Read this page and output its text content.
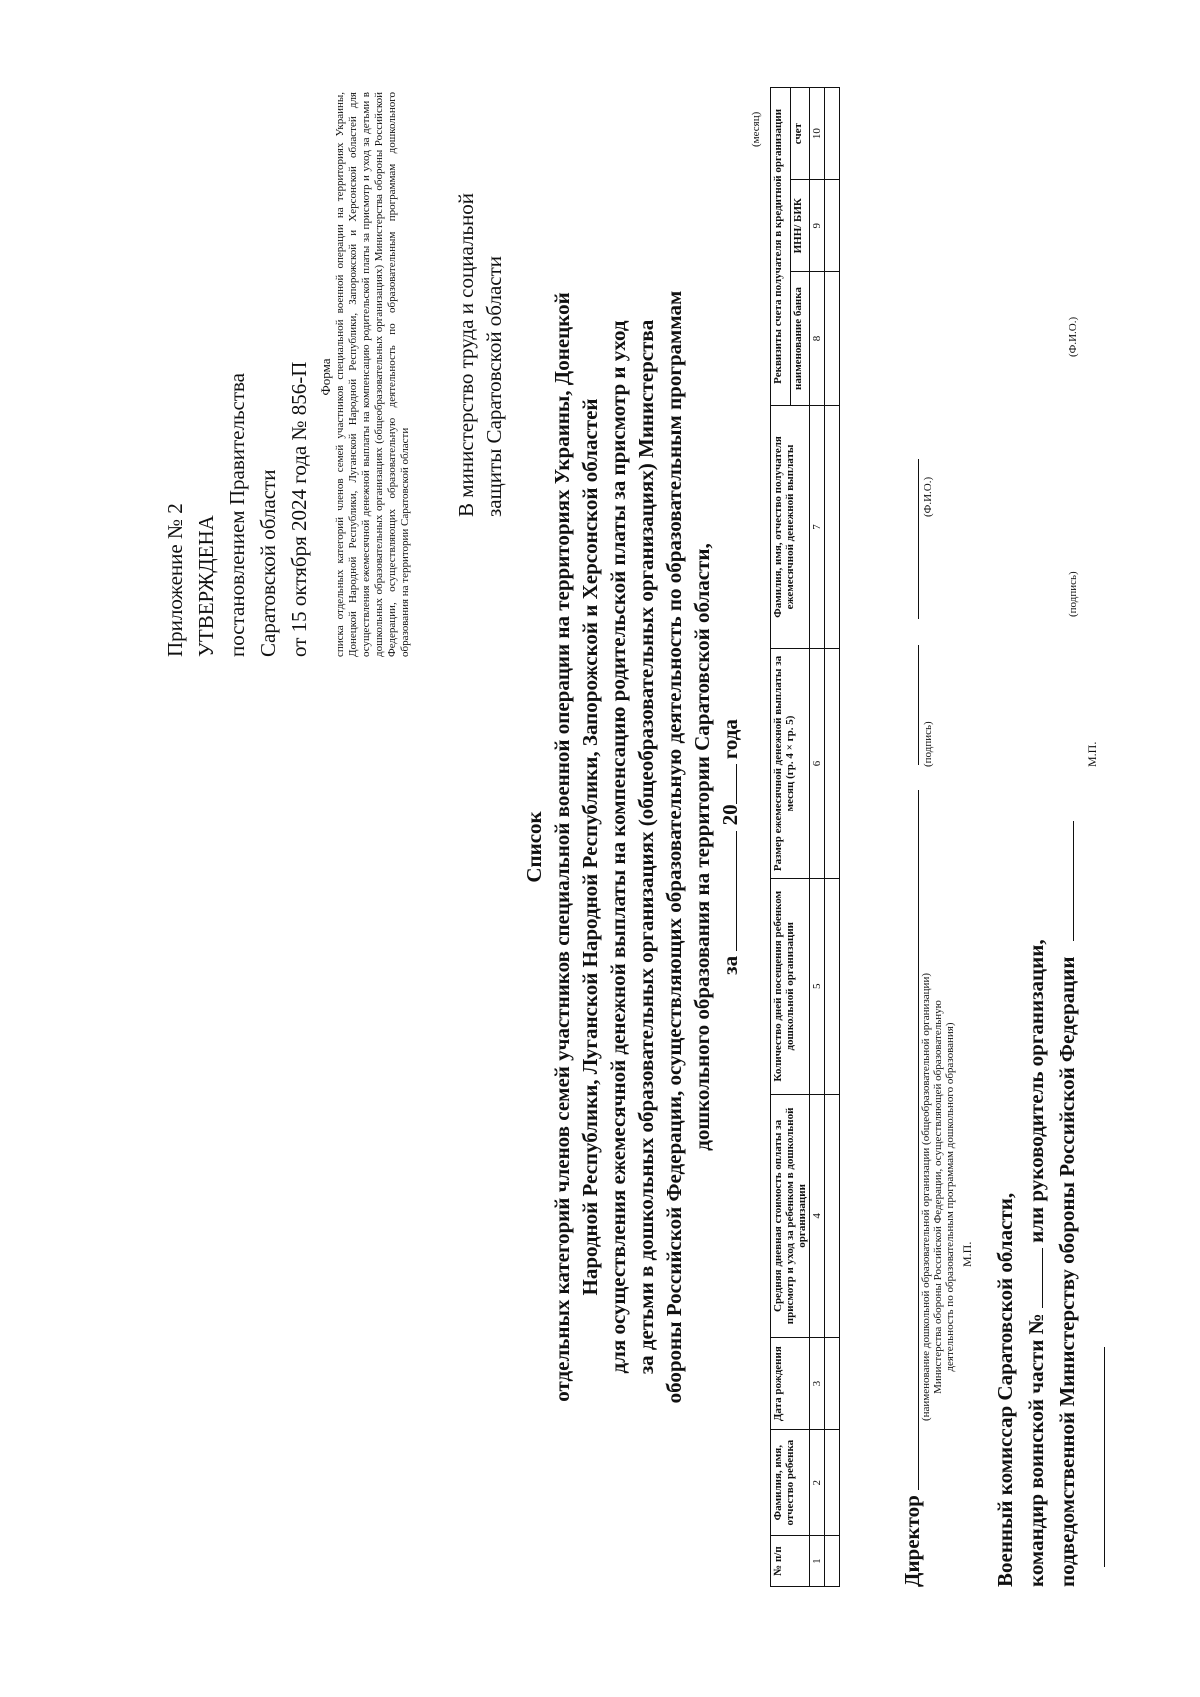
Приложение № 2 УТВЕРЖДЕНА постановлением Правительства Саратовской области от 15 октября 2024 года № 856-П Форма списка отдельных категорий членов семей участников специальной военной операции на территориях Украины, Донецкой Народной Республики, Луганской Народной Республики, Запорожской и Херсонской областей для осуществления ежемесячной денежной выплаты на компенсацию родительской платы за присмотр и уход за детьми в дошкольных образовательных организациях (общеобразовательных организациях) Министерства обороны Российской Федерации, осуществляющих образовательную деятельность по образовательным программам дошкольного образования на территории Саратовской области
В министерство труда и социальной защиты Саратовской области
Список отдельных категорий членов семей участников специальной военной операции на территориях Украины, Донецкой Народной Республики, Луганской Народной Республики, Запорожской и Херсонской областей для осуществления ежемесячной денежной выплаты на компенсацию родительской платы за присмотр и уход за детьми в дошкольных образовательных организациях (общеобразовательных организациях) Министерства обороны Российской Федерации, осуществляющих образовательную деятельность по образовательным программам дошкольного образования на территории Саратовской области, за  20 года
(месяц)
№ п/п	Фамилия, имя, отчество ребенка	Дата рождения	Средняя дневная стоимость оплаты за присмотр и уход за ребенком в дошкольной организации	Количество дней посещения ребенком дошкольной организации	Размер ежемесячной денежной выплаты за месяц (гр. 4 × гр. 5)	Фамилия, имя, отчество получателя ежемесячной денежной выплаты	Реквизиты счета получателя в кредитной организации		
							наименование банка	ИНН/ БИК	счет
1	2	3	4	5	6	7	8	9	10

Директор
(наименование дошкольной образовательной организации (общеобразовательной организации) Министерства обороны Российской Федерации, осуществляющей образовательную деятельность по образовательным программам дошкольного образования)
(подпись)
(Ф.И.О.)
М.П. Военный комиссар Саратовской области, командир воинской части №  или руководитель организации, подведомственной Министерству обороны Российской Федерации
(подпись)
(Ф.И.О.)
М.П.
